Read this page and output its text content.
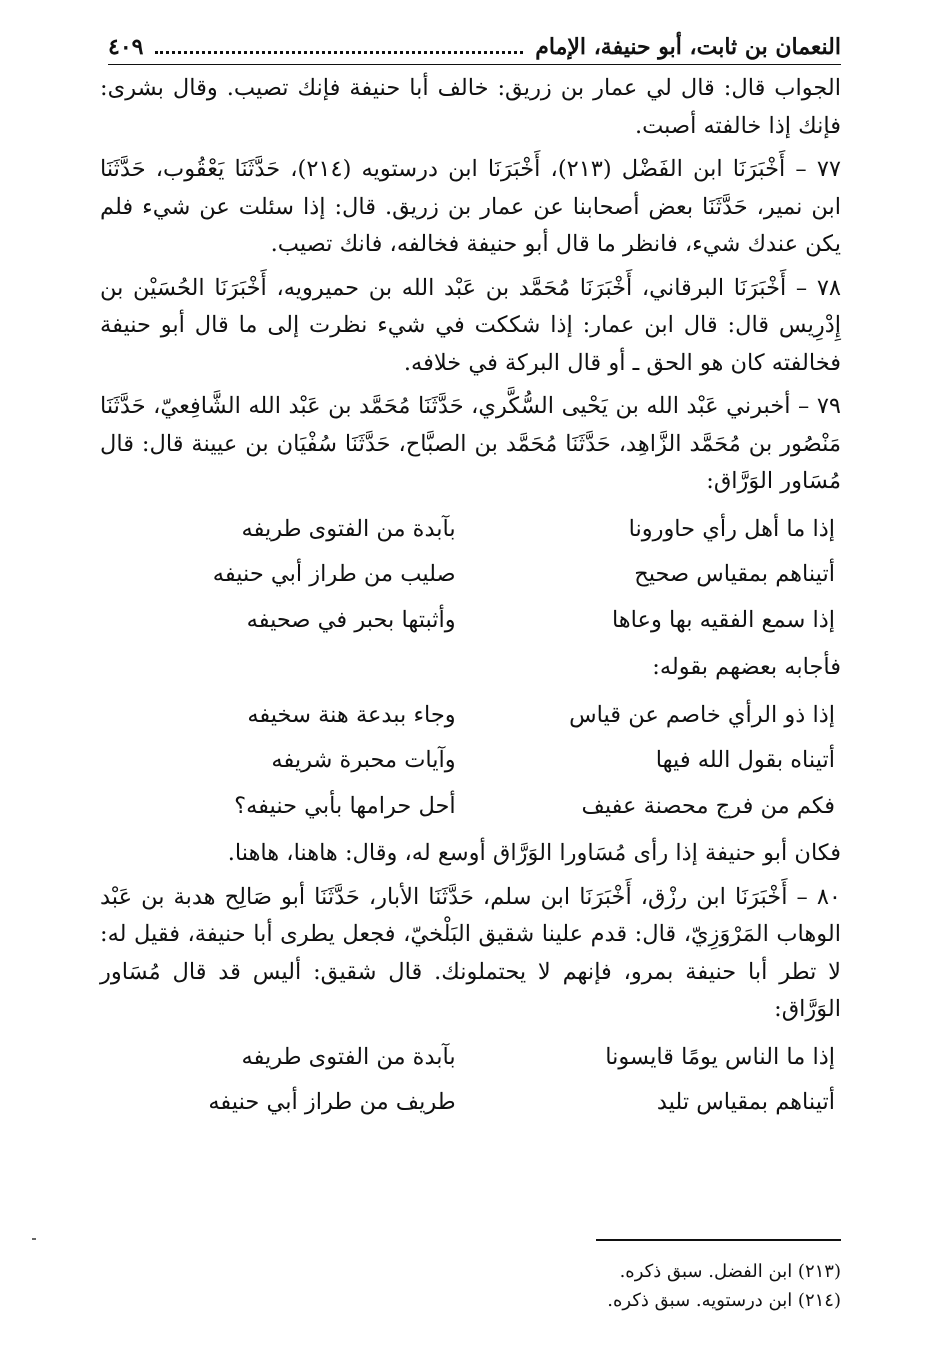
النعمان بن ثابت، أبو حنيفة، الإمام
٤٠٩

الجواب قال: قال لي عمار بن زريق: خالف أبا حنيفة فإنك تصيب. وقال بشرى: فإنك إذا خالفته أصبت.

٧٧ – أَخْبَرَنَا ابن الفَضْل (٢١٣)، أَخْبَرَنَا ابن درستويه (٢١٤)، حَدَّثَنَا يَعْقُوب، حَدَّثَنَا ابن نمير، حَدَّثَنَا بعض أصحابنا عن عمار بن زريق. قال: إذا سئلت عن شيء فلم يكن عندك شيء، فانظر ما قال أبو حنيفة فخالفه، فانك تصيب.

٧٨ – أَخْبَرَنَا البرقاني، أَخْبَرَنَا مُحَمَّد بن عَبْد الله بن حميرويه، أَخْبَرَنَا الحُسَيْن بن إِدْرِيس قال: قال ابن عمار: إذا شككت في شيء نظرت إلى ما قال أبو حنيفة فخالفته كان هو الحق ـ أو قال البركة في خلافه.

٧٩ – أخبرني عَبْد الله بن يَحْيى السُّكَّري، حَدَّثَنَا مُحَمَّد بن عَبْد الله الشَّافِعيّ، حَدَّثَنَا مَنْصُور بن مُحَمَّد الزَّاهِد، حَدَّثَنَا مُحَمَّد بن الصبَّاح، حَدَّثَنَا سُفْيَان بن عيينة قال: قال مُسَاور الوَرَّاق:

إذا ما أهل رأي حاورونا
بآبدة من الفتوى طريفه
أتيناهم بمقياس صحيح
صليب من طراز أبي حنيفه
إذا سمع الفقيه بها وعاها
وأثبتها بحبر في صحيفه

فأجابه بعضهم بقوله:

إذا ذو الرأي خاصم عن قياس
وجاء ببدعة هنة سخيفه
أتيناه بقول الله فيها
وآيات محبرة شريفه
فكم من فرج محصنة عفيف
أحل حرامها بأبي حنيفه؟

فكان أبو حنيفة إذا رأى مُسَاورا الوَرَّاق أوسع له، وقال: هاهنا، هاهنا.

٨٠ – أَخْبَرَنَا ابن رزْق، أَخْبَرَنَا ابن سلم، حَدَّثَنَا الأبار، حَدَّثَنَا أبو صَالِح هدبة بن عَبْد الوهاب المَرْوَزِيّ، قال: قدم علينا شقيق البَلْخيّ، فجعل يطرى أبا حنيفة، فقيل له: لا تطر أبا حنيفة بمرو، فإنهم لا يحتملونك. قال شقيق: أليس قد قال مُسَاور الوَرَّاق:

إذا ما الناس يومًا قايسونا
بآبدة من الفتوى طريفه
أتيناهم بمقياس تليد
طريف من طراز أبي حنيفه
(٢١٣) ابن الفضل. سبق ذكره.
(٢١٤) ابن درستويه. سبق ذكره.
